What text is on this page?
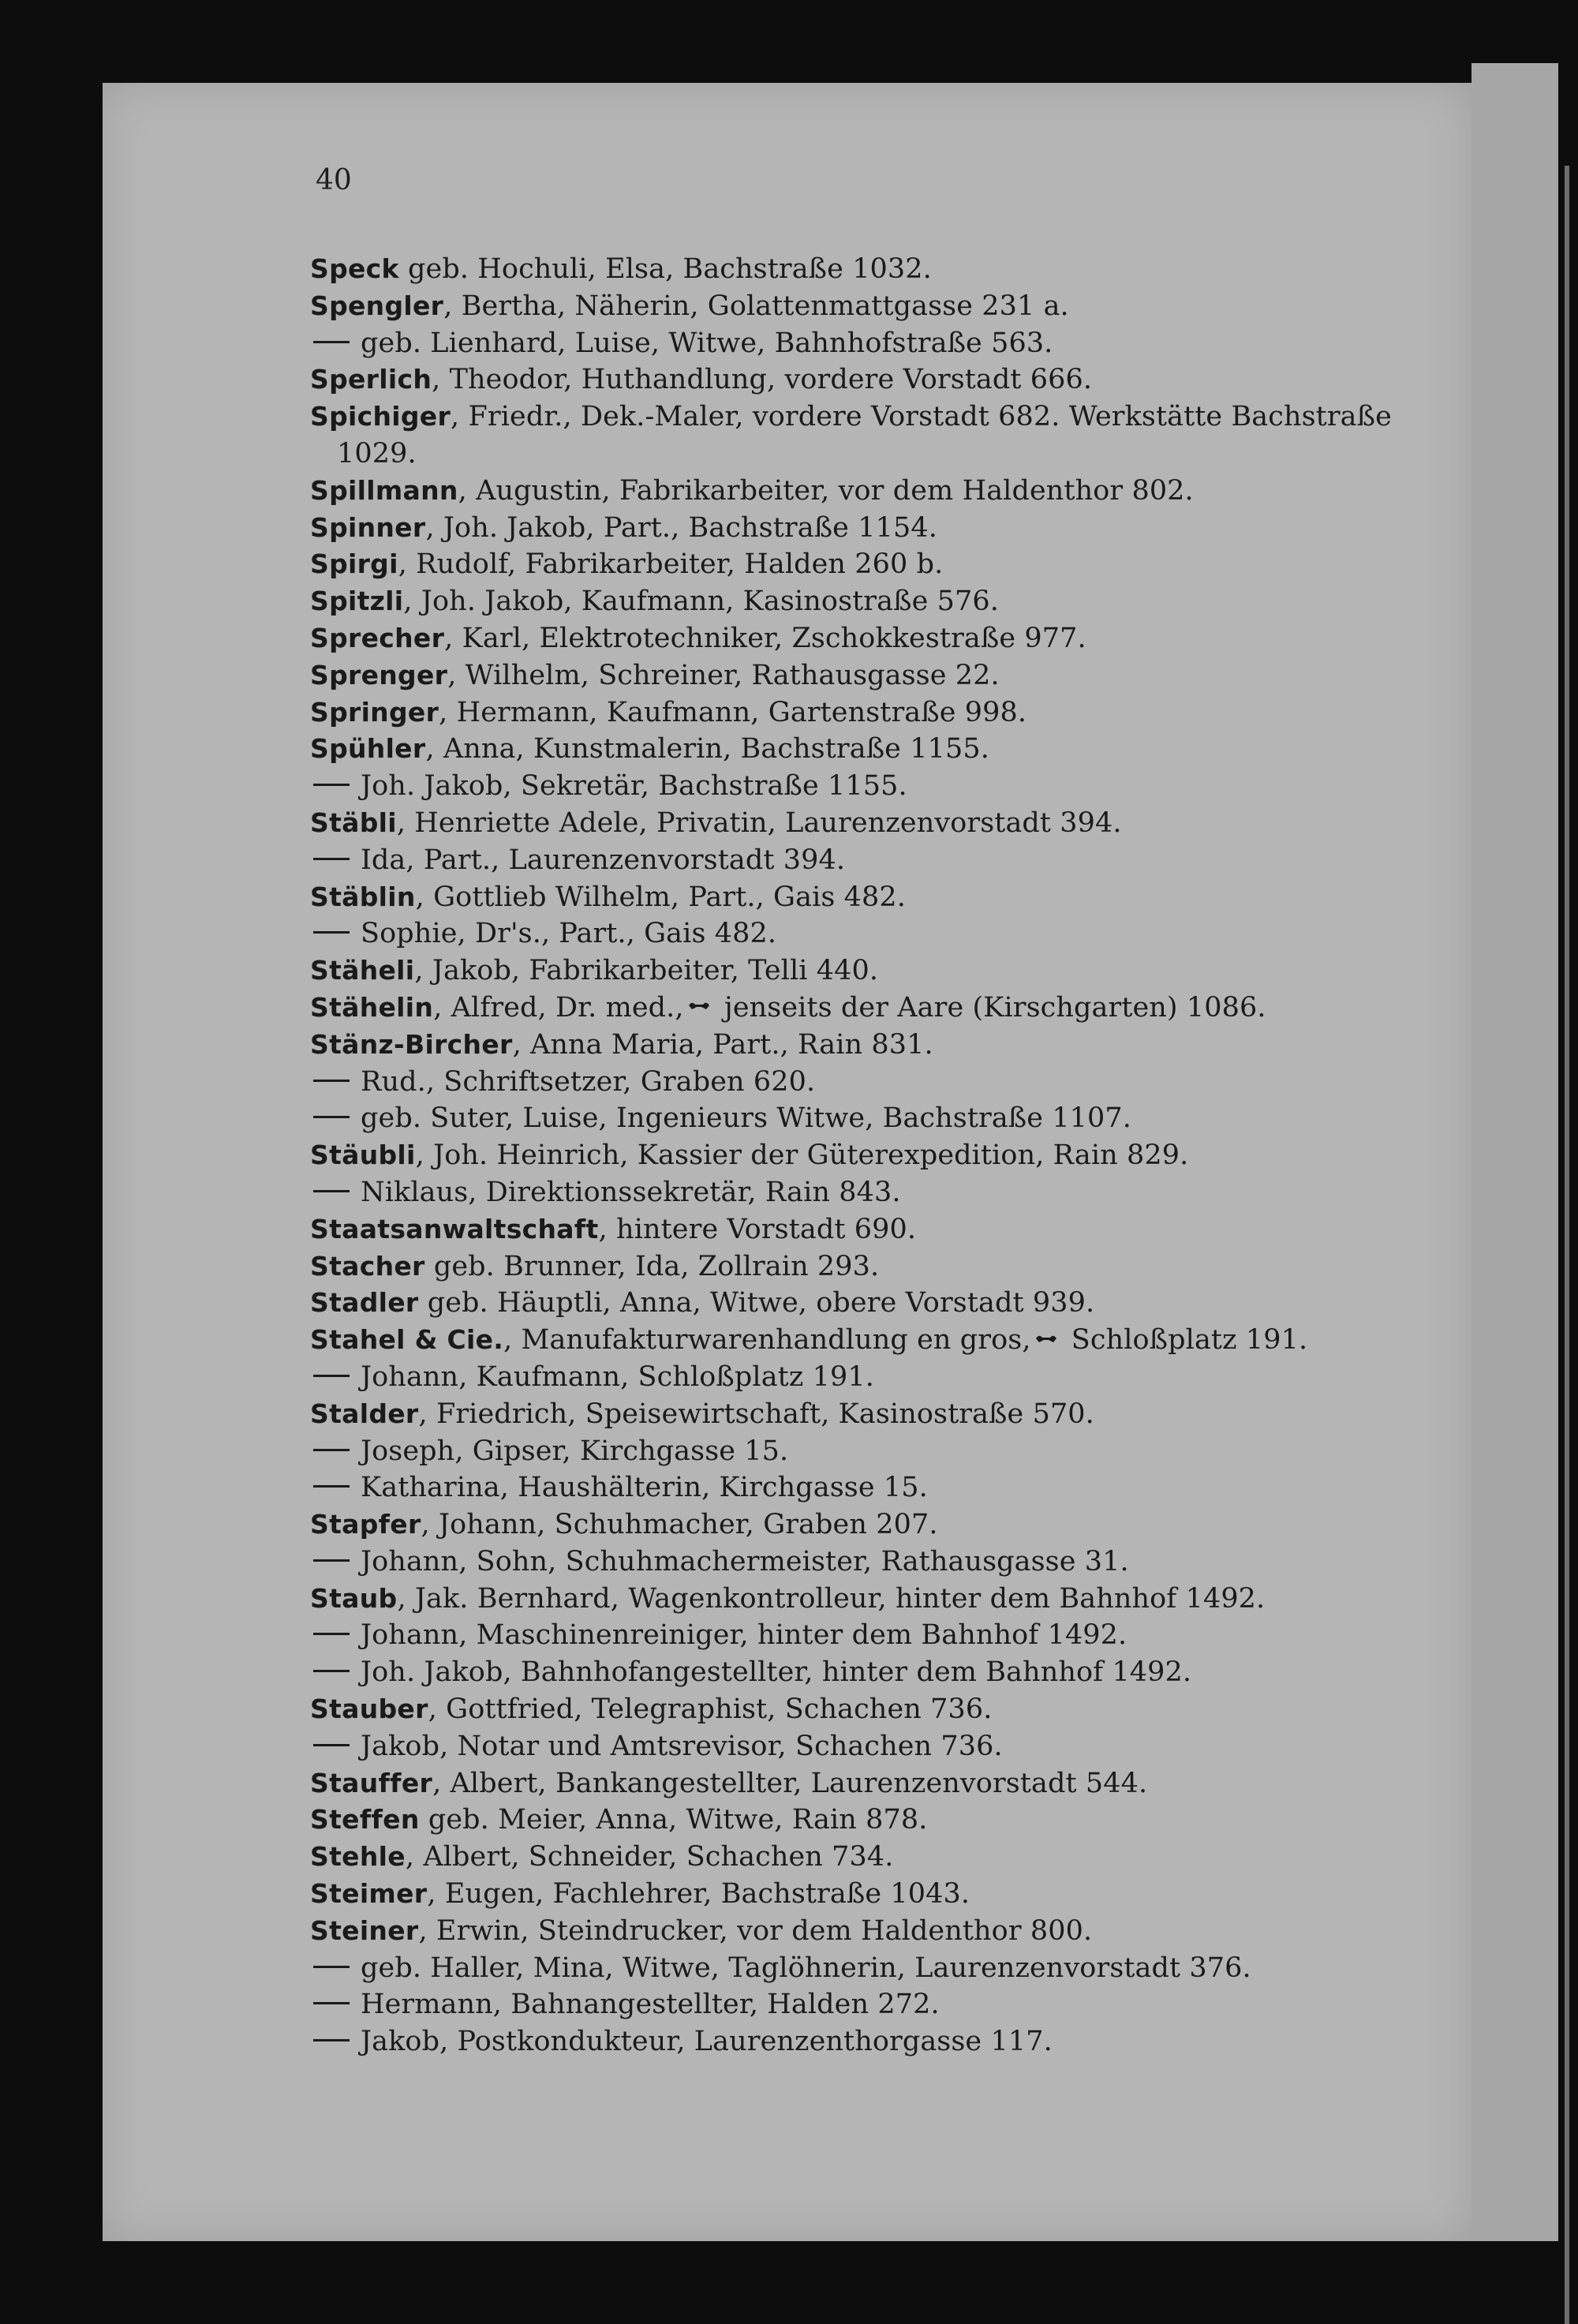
40

Speck geb. Hochuli, Elsa, Bachstraße 1032.
Spengler, Bertha, Näherin, Golattenmattgasse 231 a.
geb. Lienhard, Luise, Witwe, Bahnhofstraße 563.
Sperlich, Theodor, Huthandlung, vordere Vorstadt 666.
Spichiger, Friedr., Dek.-Maler, vordere Vorstadt 682. Werkstätte Bachstraße 1029.
Spillmann, Augustin, Fabrikarbeiter, vor dem Haldenthor 802.
Spinner, Joh. Jakob, Part., Bachstraße 1154.
Spirgi, Rudolf, Fabrikarbeiter, Halden 260 b.
Spitzli, Joh. Jakob, Kaufmann, Kasinostraße 576.
Sprecher, Karl, Elektrotechniker, Zschokkestraße 977.
Sprenger, Wilhelm, Schreiner, Rathausgasse 22.
Springer, Hermann, Kaufmann, Gartenstraße 998.
Spühler, Anna, Kunstmalerin, Bachstraße 1155.
Joh. Jakob, Sekretär, Bachstraße 1155.
Stäbli, Henriette Adele, Privatin, Laurenzenvorstadt 394.
Ida, Part., Laurenzenvorstadt 394.
Stäblin, Gottlieb Wilhelm, Part., Gais 482.
Sophie, Dr's., Part., Gais 482.
Stäheli, Jakob, Fabrikarbeiter, Telli 440.
Stähelin, Alfred, Dr. med., jenseits der Aare (Kirschgarten) 1086.
Stänz-Bircher, Anna Maria, Part., Rain 831.
Rud., Schriftsetzer, Graben 620.
geb. Suter, Luise, Ingenieurs Witwe, Bachstraße 1107.
Stäubli, Joh. Heinrich, Kassier der Güterexpedition, Rain 829.
Niklaus, Direktionssekretär, Rain 843.
Staatsanwaltschaft, hintere Vorstadt 690.
Stacher geb. Brunner, Ida, Zollrain 293.
Stadler geb. Häuptli, Anna, Witwe, obere Vorstadt 939.
Stahel & Cie., Manufakturwarenhandlung en gros, Schloßplatz 191.
Johann, Kaufmann, Schloßplatz 191.
Stalder, Friedrich, Speisewirtschaft, Kasinostraße 570.
Joseph, Gipser, Kirchgasse 15.
Katharina, Haushälterin, Kirchgasse 15.
Stapfer, Johann, Schuhmacher, Graben 207.
Johann, Sohn, Schuhmachermeister, Rathausgasse 31.
Staub, Jak. Bernhard, Wagenkontrolleur, hinter dem Bahnhof 1492.
Johann, Maschinenreiniger, hinter dem Bahnhof 1492.
Joh. Jakob, Bahnhofangestellter, hinter dem Bahnhof 1492.
Stauber, Gottfried, Telegraphist, Schachen 736.
Jakob, Notar und Amtsrevisor, Schachen 736.
Stauffer, Albert, Bankangestellter, Laurenzenvorstadt 544.
Steffen geb. Meier, Anna, Witwe, Rain 878.
Stehle, Albert, Schneider, Schachen 734.
Steimer, Eugen, Fachlehrer, Bachstraße 1043.
Steiner, Erwin, Steindrucker, vor dem Haldenthor 800.
geb. Haller, Mina, Witwe, Taglöhnerin, Laurenzenvorstadt 376.
Hermann, Bahnangestellter, Halden 272.
Jakob, Postkondukteur, Laurenzenthorgasse 117.
